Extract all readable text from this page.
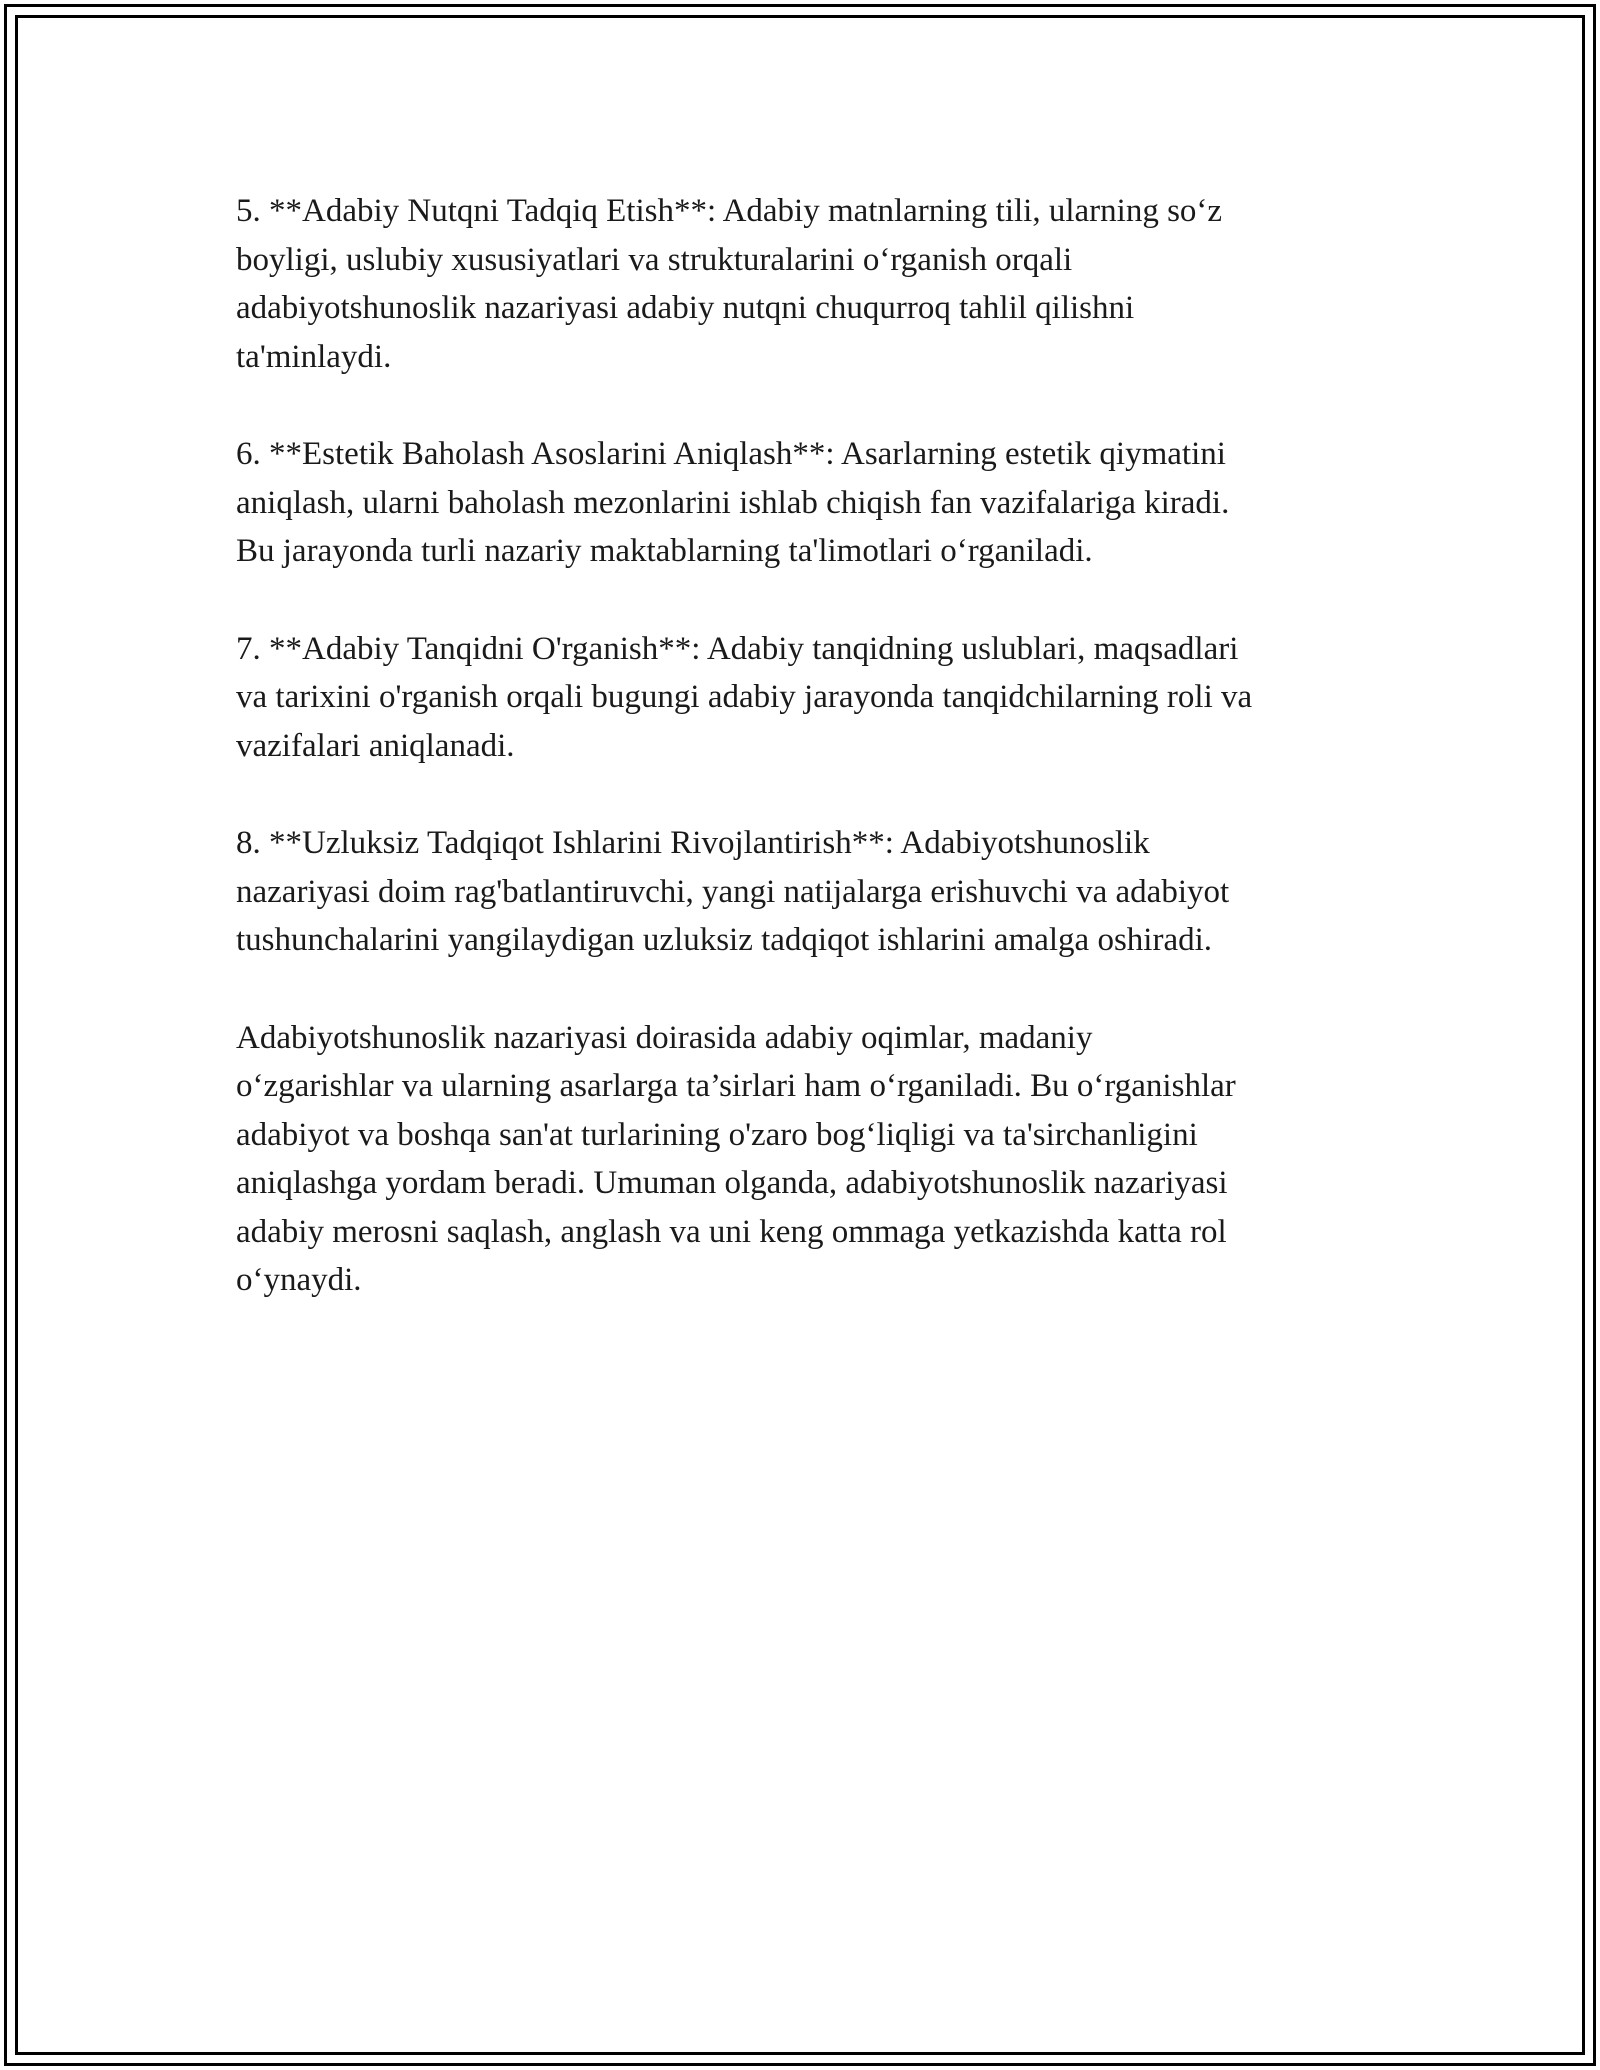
5. **Adabiy Nutqni Tadqiq Etish**: Adabiy matnlarning tili, ularning so‘z
boyligi, uslubiy xususiyatlari va strukturalarini o‘rganish orqali
adabiyotshunoslik nazariyasi adabiy nutqni chuqurroq tahlil qilishni
ta'minlaydi.

6. **Estetik Baholash Asoslarini Aniqlash**: Asarlarning estetik qiymatini
aniqlash, ularni baholash mezonlarini ishlab chiqish fan vazifalariga kiradi.
Bu jarayonda turli nazariy maktablarning ta'limotlari o‘rganiladi.

7. **Adabiy Tanqidni O'rganish**: Adabiy tanqidning uslublari, maqsadlari
va tarixini o'rganish orqali bugungi adabiy jarayonda tanqidchilarning roli va
vazifalari aniqlanadi.

8. **Uzluksiz Tadqiqot Ishlarini Rivojlantirish**: Adabiyotshunoslik
nazariyasi doim rag'batlantiruvchi, yangi natijalarga erishuvchi va adabiyot
tushunchalarini yangilaydigan uzluksiz tadqiqot ishlarini amalga oshiradi.

Adabiyotshunoslik nazariyasi doirasida adabiy oqimlar, madaniy
o‘zgarishlar va ularning asarlarga ta’sirlari ham o‘rganiladi. Bu o‘rganishlar
adabiyot va boshqa san'at turlarining o'zaro bog‘liqligi va ta'sirchanligini
aniqlashga yordam beradi. Umuman olganda, adabiyotshunoslik nazariyasi
adabiy merosni saqlash, anglash va uni keng ommaga yetkazishda katta rol
o‘ynaydi.
